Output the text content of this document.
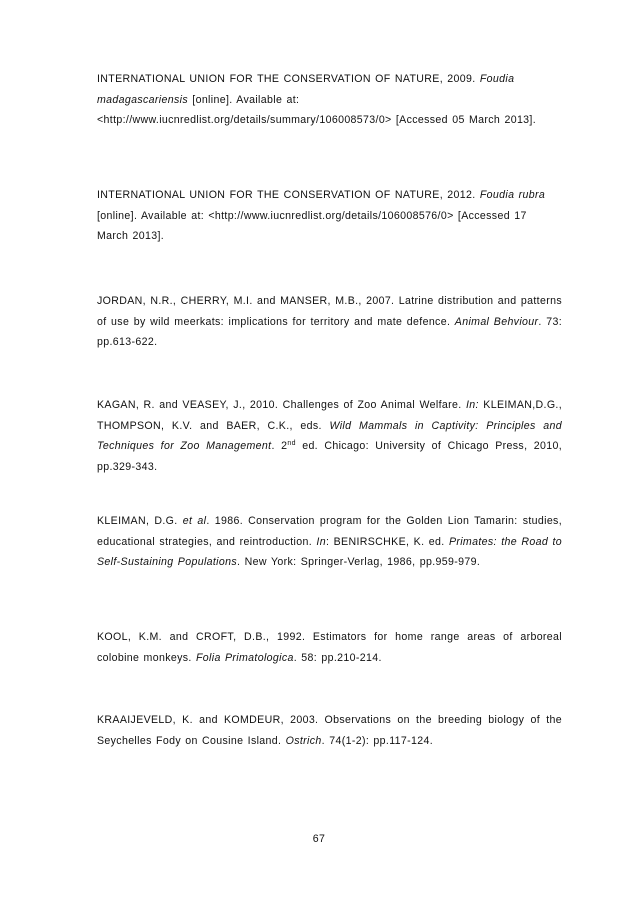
INTERNATIONAL UNION FOR THE CONSERVATION OF NATURE, 2009. Foudia madagascariensis [online]. Available at: <http://www.iucnredlist.org/details/summary/106008573/0> [Accessed 05 March 2013].

INTERNATIONAL UNION FOR THE CONSERVATION OF NATURE, 2012. Foudia rubra [online]. Available at: <http://www.iucnredlist.org/details/106008576/0> [Accessed 17 March 2013].

JORDAN, N.R., CHERRY, M.I. and MANSER, M.B., 2007. Latrine distribution and patterns of use by wild meerkats: implications for territory and mate defence. Animal Behviour. 73: pp.613-622.

KAGAN, R. and VEASEY, J., 2010. Challenges of Zoo Animal Welfare. In: KLEIMAN,D.G., THOMPSON, K.V. and BAER, C.K., eds. Wild Mammals in Captivity: Principles and Techniques for Zoo Management. 2nd ed. Chicago: University of Chicago Press, 2010, pp.329-343.

KLEIMAN, D.G. et al. 1986. Conservation program for the Golden Lion Tamarin: studies, educational strategies, and reintroduction. In: BENIRSCHKE, K. ed. Primates: the Road to Self-Sustaining Populations. New York: Springer-Verlag, 1986, pp.959-979.

KOOL, K.M. and CROFT, D.B., 1992. Estimators for home range areas of arboreal colobine monkeys. Folia Primatologica. 58: pp.210-214.

KRAAIJEVELD, K. and KOMDEUR, 2003. Observations on the breeding biology of the Seychelles Fody on Cousine Island. Ostrich. 74(1-2): pp.117-124.

67
